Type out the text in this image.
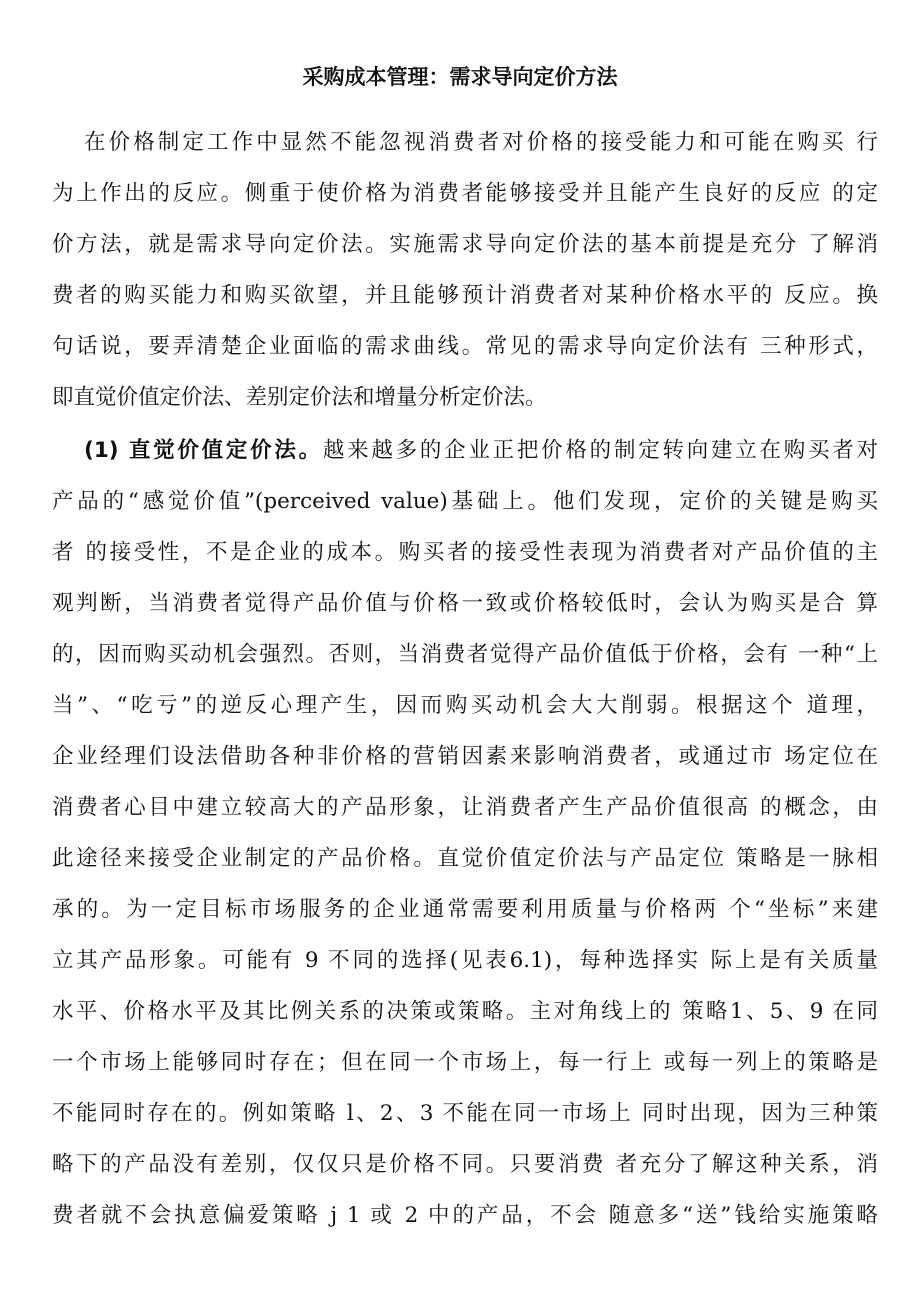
采购成本管理：需求导向定价方法
在价格制定工作中显然不能忽视消费者对价格的接受能力和可能在购买 行
为上作出的反应。侧重于使价格为消费者能够接受并且能产生良好的反应 的定
价方法，就是需求导向定价法。实施需求导向定价法的基本前提是充分 了解消
费者的购买能力和购买欲望，并且能够预计消费者对某种价格水平的 反应。换
句话说，要弄清楚企业面临的需求曲线。常见的需求导向定价法有 三种形式，
即直觉价值定价法、差别定价法和增量分析定价法。
(1) 直觉价值定价法。越来越多的企业正把价格的制定转向建立在购买者对
产品的“感觉价值”(perceived value)基础上。他们发现，定价的关键是购买
者 的接受性，不是企业的成本。购买者的接受性表现为消费者对产品价值的主
观判断，当消费者觉得产品价值与价格一致或价格较低时，会认为购买是合 算
的，因而购买动机会强烈。否则，当消费者觉得产品价值低于价格，会有 一种“上
当”、“吃亏”的逆反心理产生，因而购买动机会大大削弱。根据这个 道理，
企业经理们设法借助各种非价格的营销因素来影响消费者，或通过市 场定位在
消费者心目中建立较高大的产品形象，让消费者产生产品价值很高 的概念，由
此途径来接受企业制定的产品价格。直觉价值定价法与产品定位 策略是一脉相
承的。为一定目标市场服务的企业通常需要利用质量与价格两 个“坐标”来建
立其产品形象。可能有 9 不同的选择(见表6.1)，每种选择实 际上是有关质量
水平、价格水平及其比例关系的决策或策略。主对角线上的 策略1、5、9 在同
一个市场上能够同时存在；但在同一个市场上，每一行上 或每一列上的策略是
不能同时存在的。例如策略 l、2、3 不能在同一市场上 同时出现，因为三种策
略下的产品没有差别，仅仅只是价格不同。只要消费 者充分了解这种关系，消
费者就不会执意偏爱策略 j 1 或 2 中的产品，不会 随意多“送”钱给实施策略
